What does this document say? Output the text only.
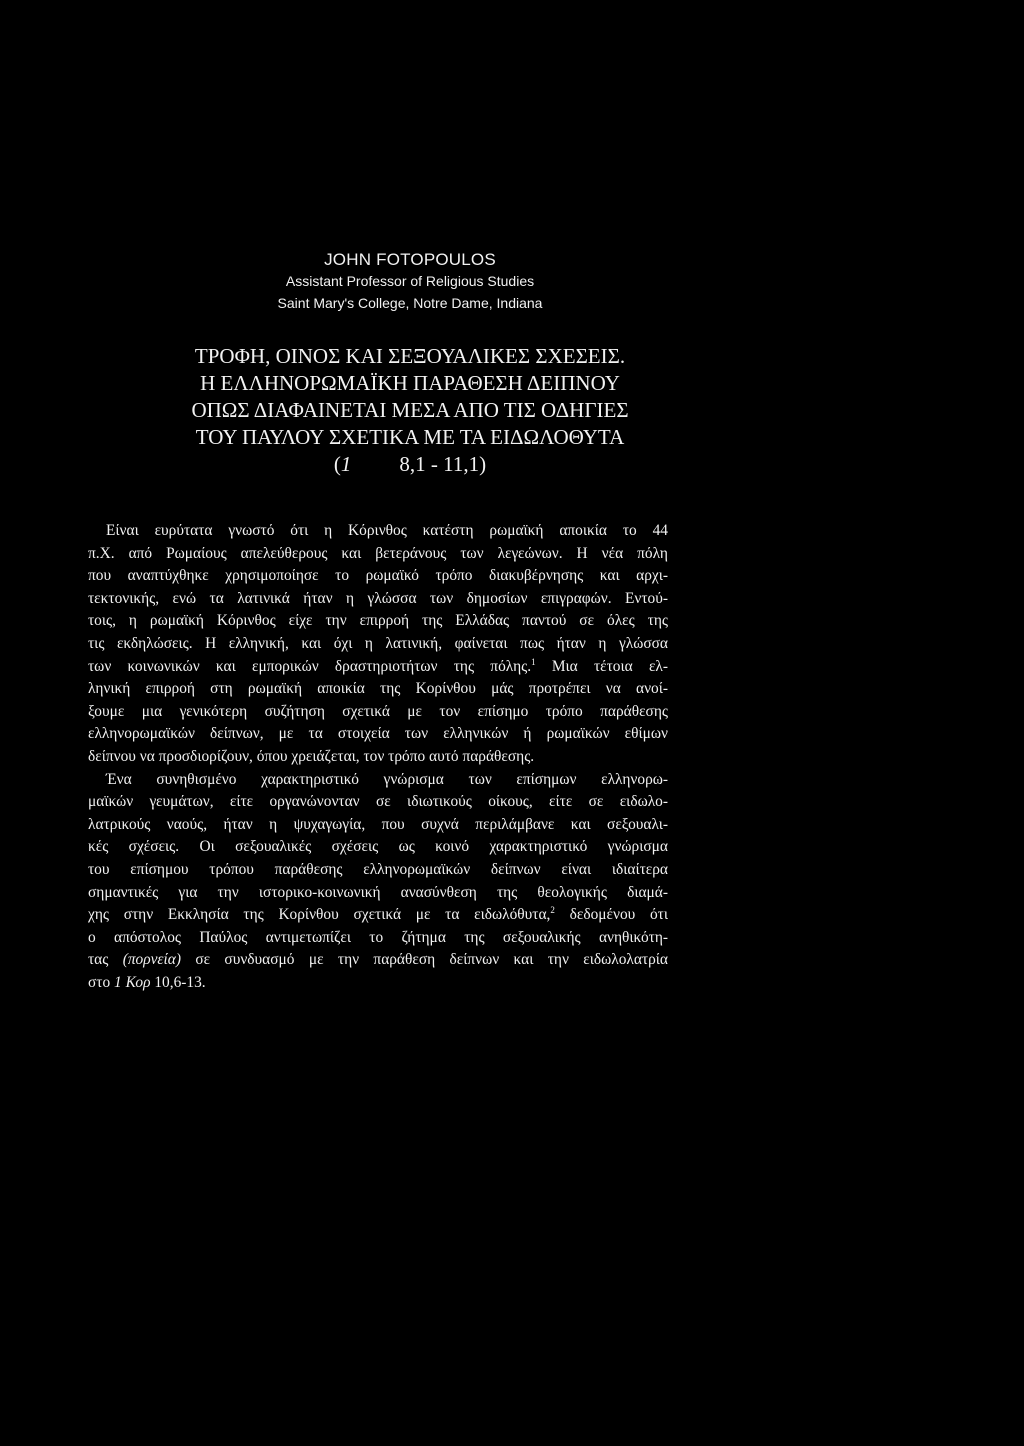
JOHN FOTOPOULOS
Assistant Professor of Religious Studies
Saint Mary's College, Notre Dame, Indiana
ΤΡΟΦΗ, ΟΙΝΟΣ ΚΑΙ ΣΕΞΟΥΑΛΙΚΕΣ ΣΧΕΣΕΙΣ.
Η ΕΛΛΗΝΟΡΩΜΑΪΚΗ ΠΑΡΑΘΕΣΗ ΔΕΙΠΝΟΥ
ΟΠΩΣ ΔΙΑΦΑΙΝΕΤΑΙ ΜΕΣΑ ΑΠΟ ΤΙΣ ΟΔΗΓΙΕΣ
ΤΟΥ ΠΑΥΛΟΥ ΣΧΕΤΙΚΑ ΜΕ ΤΑ ΕΙΔΩΛΟΘΥΤΑ
(1 8,1 - 11,1)
Είναι ευρύτατα γνωστό ότι η Κόρινθος κατέστη ρωμαϊκή αποικία το 44
π.Χ. από Ρωμαίους απελεύθερους και βετεράνους των λεγεώνων. Η νέα πόλη
που αναπτύχθηκε χρησιμοποίησε το ρωμαϊκό τρόπο διακυβέρνησης και αρχι-
τεκτονικής, ενώ τα λατινικά ήταν η γλώσσα των δημοσίων επιγραφών. Εντού-
τοις, η ρωμαϊκή Κόρινθος είχε την επιρροή της Ελλάδας παντού σε όλες της
τις εκδηλώσεις. Η ελληνική, και όχι η λατινική, φαίνεται πως ήταν η γλώσσα
των κοινωνικών και εμπορικών δραστηριοτήτων της πόλης.$^1$ Μια τέτοια ελ-
ληνική επιρροή στη ρωμαϊκή αποικία της Κορίνθου μάς προτρέπει να ανοί-
ξουμε μια γενικότερη συζήτηση σχετικά με τον επίσημο τρόπο παράθεσης
ελληνορωμαϊκών δείπνων, με τα στοιχεία των ελληνικών ή ρωμαϊκών εθίμων
δείπνου να προσδιορίζουν, όπου χρειάζεται, τον τρόπο αυτό παράθεσης.
Ένα συνηθισμένο χαρακτηριστικό γνώρισμα των επίσημων ελληνορω-
μαϊκών γευμάτων, είτε οργανώνονταν σε ιδιωτικούς οίκους, είτε σε ειδωλο-
λατρικούς ναούς, ήταν η ψυχαγωγία, που συχνά περιλάμβανε και σεξουαλι-
κές σχέσεις. Οι σεξουαλικές σχέσεις ως κοινό χαρακτηριστικό γνώρισμα
του επίσημου τρόπου παράθεσης ελληνορωμαϊκών δείπνων είναι ιδιαίτερα
σημαντικές για την ιστορικο-κοινωνική ανασύνθεση της θεολογικής διαμά-
χης στην Εκκλησία της Κορίνθου σχετικά με τα ειδωλόθυτα,$^2$ δεδομένου ότι
ο απόστολος Παύλος αντιμετωπίζει το ζήτημα της σεξουαλικής ανηθικότη-
τας (πορνεία) σε συνδυασμό με την παράθεση δείπνων και την ειδωλολατρία
στο 1 Κορ 10,6-13.
